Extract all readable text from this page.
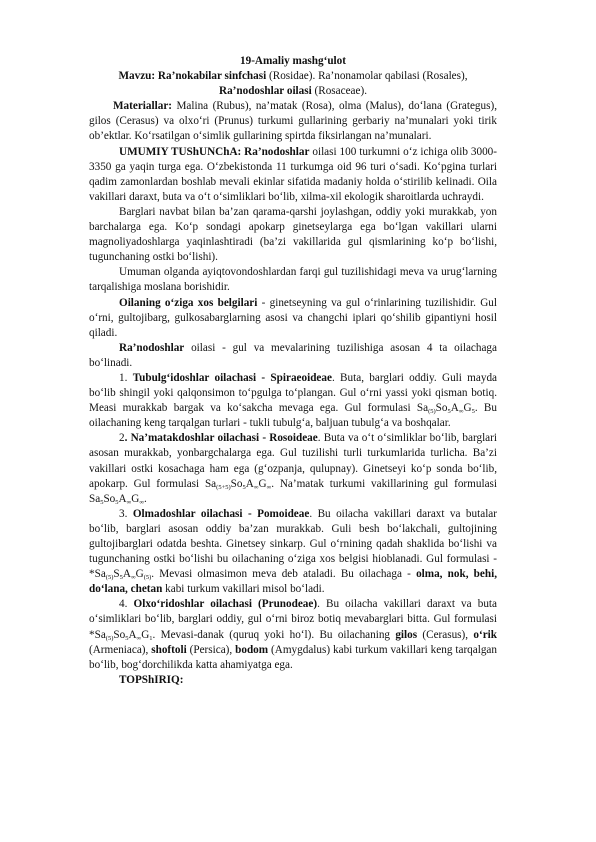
19-Amaliy mashg‘ulot

Mavzu: Ra’nokabilar sinfchasi (Rosidae). Ra’nonamolar qabilasi (Rosales),

Ra’nodoshlar oilasi (Rosaceae).

Materiallar: Malina (Rubus), na’matak (Rosa), olma (Malus), do‘lana (Grategus), gilos (Cerasus) va olxo‘ri (Prunus) turkumi gullarining gerbariy na’munalari yoki tirik ob’ektlar. Ko‘rsatilgan o‘simlik gullarining spirtda fiksirlangan na’munalari.

UMUMIY TUShUNChA: Ra’nodoshlar oilasi 100 turkumni o‘z ichiga olib 3000-3350 ga yaqin turga ega. O‘zbekistonda 11 turkumga oid 96 turi o‘sadi. Ko‘pgina turlari qadim zamonlardan boshlab mevali ekinlar sifatida madaniy holda o‘stirilib kelinadi. Oila vakillari daraxt, buta va o‘t o‘simliklari bo‘lib, xilma-xil ekologik sharoitlarda uchraydi.

Barglari navbat bilan ba’zan qarama-qarshi joylashgan, oddiy yoki murakkab, yon barchalarga ega. Ko‘p sondagi apokarp ginetseylarga ega bo‘lgan vakillari ularni magnoliyadoshlarga yaqinlashtiradi (ba’zi vakillarida gul qismlarining ko‘p bo‘lishi, tugunchaning ostki bo‘lishi).

Umuman olganda ayiqtovondoshlardan farqi gul tuzilishidagi meva va urug‘larning tarqalishiga moslana borishidir.

Oilaning o‘ziga xos belgilari - ginetseyning va gul o‘rinlarining tuzilishidir. Gul o‘rni, gultojibarg, gulkosabarglarning asosi va changchi iplari qo‘shilib gipantiyni hosil qiladi.

Ra’nodoshlar oilasi - gul va mevalarining tuzilishiga asosan 4 ta oilachaga bo‘linadi.

1. Tubulg‘idoshlar oilachasi - Spiraeoideae. Buta, barglari oddiy. Guli mayda bo‘lib shingil yoki qalqonsimon to‘pgulga to‘plangan. Gul o‘rni yassi yoki qisman botiq. Measi murakkab bargak va ko‘sakcha mevaga ega. Gul formulasi $Sa_{(5)}So_5A_\infty G_5$. Bu oilachaning keng tarqalgan turlari - tukli tubulg‘a, baljuan tubulg‘a va boshqalar.

2. Na’matakdoshlar oilachasi - Rosoideae. Buta va o‘t o‘simliklar bo‘lib, barglari asosan murakkab, yonbargchalarga ega. Gul tuzilishi turli turkumlarida turlicha. Ba’zi vakillari ostki kosachaga ham ega (g‘ozpanja, qulupnay). Ginetseyi ko‘p sonda bo‘lib, apokarp. Gul formulasi $Sa_{(5+5)}So_5A_\infty G_\infty$. Na’matak turkumi vakillarining gul formulasi $Sa_5So_5A_\infty G_\infty$.

3. Olmadoshlar oilachasi - Pomoideae. Bu oilacha vakillari daraxt va butalar bo‘lib, barglari asosan oddiy ba’zan murakkab. Guli besh bo‘lakchali, gultojining gultojibarglari odatda beshta. Ginetsey sinkarp. Gul o‘rnining qadah shaklida bo‘lishi va tugunchaning ostki bo‘lishi bu oilachaning o‘ziga xos belgisi hioblanadi. Gul formulasi - $*Sa_{(5)}S_5A_\infty G_{(5)}$. Mevasi olmasimon meva deb ataladi. Bu oilachaga - olma, nok, behi, do‘lana, chetan kabi turkum vakillari misol bo‘ladi.

4. Olxo‘ridoshlar oilachasi (Prunodeae). Bu oilacha vakillari daraxt va buta o‘simliklari bo‘lib, barglari oddiy, gul o‘rni biroz botiq mevabarglari bitta. Gul formulasi $*Sa_{(5)}So_5A_\infty G_1$. Mevasi-danak (quruq yoki ho‘l). Bu oilachaning gilos (Cerasus), o‘rik (Armeniaca), shoftoli (Persica), bodom (Amygdalus) kabi turkum vakillari keng tarqalgan bo‘lib, bog‘dorchilikda katta ahamiyatga ega.

TOPShIRIQ:
